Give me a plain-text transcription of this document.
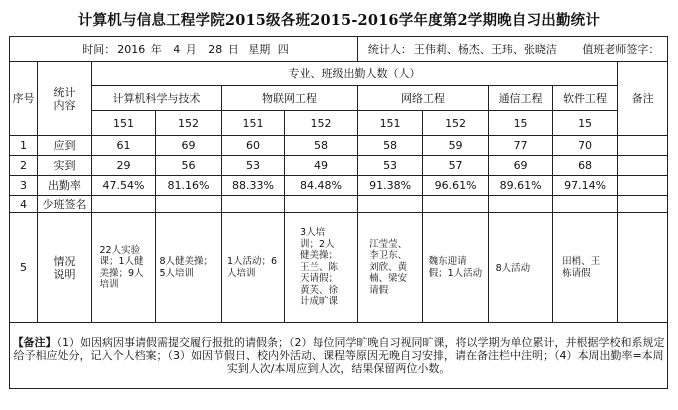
计算机与信息工程学院2015级各班2015-2016学年度第2学期晚自习出勤统计
时间： 2016 年 4 月 28 日 星期 四						统计人： 王伟莉、杨杰、王玮、张晓洁 值班老师签字：				
序号	统计内容	专业、班级出勤人数（人）								备注
		计算机科学与技术		物联网工程		网络工程		通信工程	软件工程	
		151	152	151	152	151	152	15	15	
1	应到	61	69	60	58	58	59	77	70	
2	实到	29	56	53	49	53	57	69	68	
3	出勤率	47.54%	81.16%	88.33%	84.48%	91.38%	96.61%	89.61%	97.14%	
4	少班签名									
5	情况说明	22人实验课；1人健美操；9人培训	8人健美操；5人培训	1人活动；6人培训	3人培训；2人健美操；王兰、陈天请假；黄芙、徐计成旷课	江莹莹、李卫东、刘欣、黄楠、梁安请假	魏东迎请假；1人活动	8人活动	田梢、王栋请假	
【备注】（1）如因病因事请假需提交履行报批的请假条；（2）每位同学旷晚自习视同旷课，将以学期为单位累计，并根据学校和系规定给予相应处分，记入个人档案；（3）如因节假日、校内外活动、课程等原因无晚自习安排，请在备注栏中注明；（4）本周出勤率=本周实到人次/本周应到人次，结果保留两位小数。										
